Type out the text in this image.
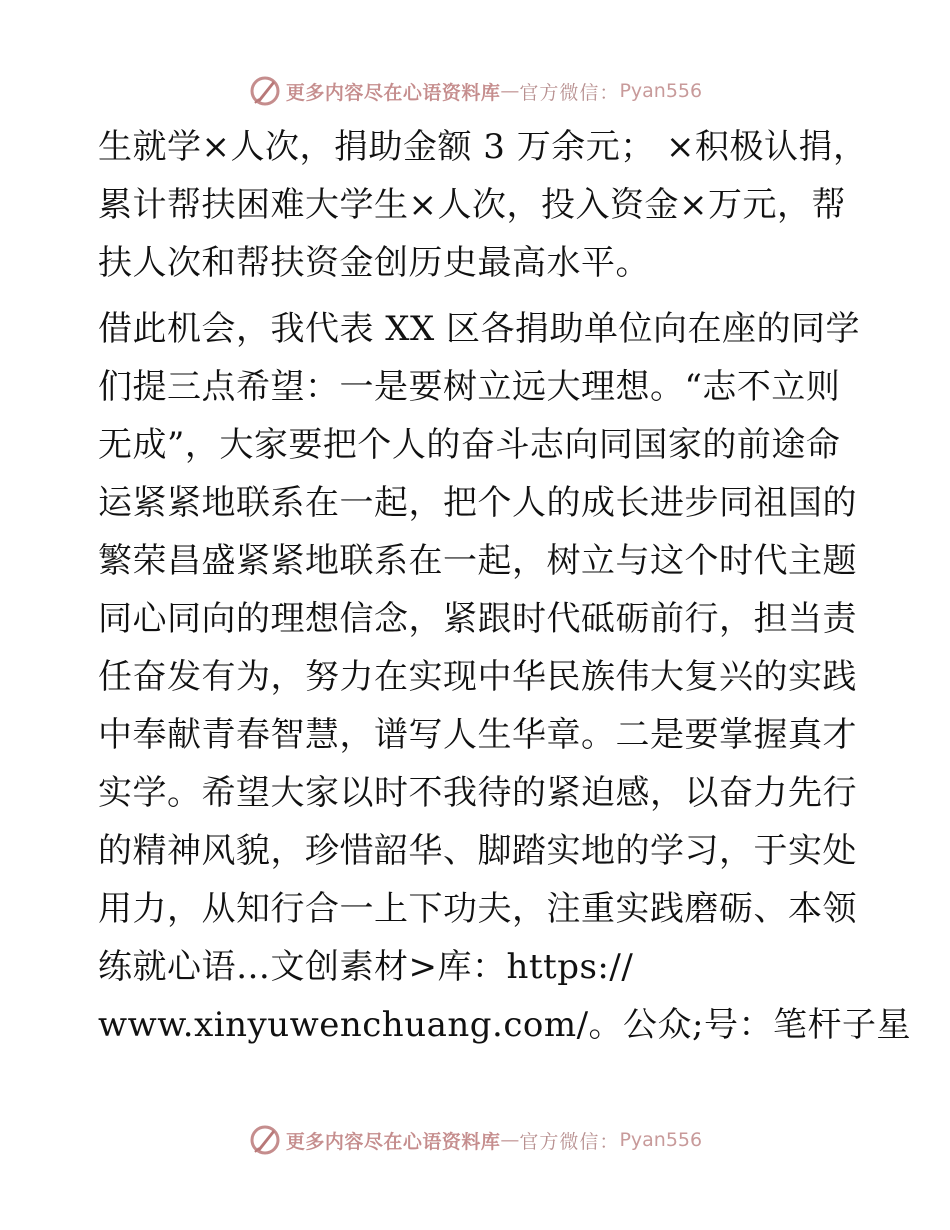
更多内容尽在心语资料库 — 官方微信： Pyan556
生就学×人次，捐助金额 3 万余元； ×积极认捐，
累计帮扶困难大学生×人次，投入资金×万元，帮
扶人次和帮扶资金创历史最高水平。
借此机会，我代表 XX 区各捐助单位向在座的同学
们提三点希望：一是要树立远大理想。“志不立则
无成”，大家要把个人的奋斗志向同国家的前途命
运紧紧地联系在一起，把个人的成长进步同祖国的
繁荣昌盛紧紧地联系在一起，树立与这个时代主题
同心同向的理想信念，紧跟时代砥砺前行，担当责
任奋发有为，努力在实现中华民族伟大复兴的实践
中奉献青春智慧，谱写人生华章。二是要掌握真才
实学。希望大家以时不我待的紧迫感，以奋力先行
的精神风貌，珍惜韶华、脚踏实地的学习，于实处
用力，从知行合一上下功夫，注重实践磨砺、本领
练就心语…文创素材>库：https://
www.xinyuwenchuang.com/。公众;号：笔杆子星
更多内容尽在心语资料库 — 官方微信： Pyan556
